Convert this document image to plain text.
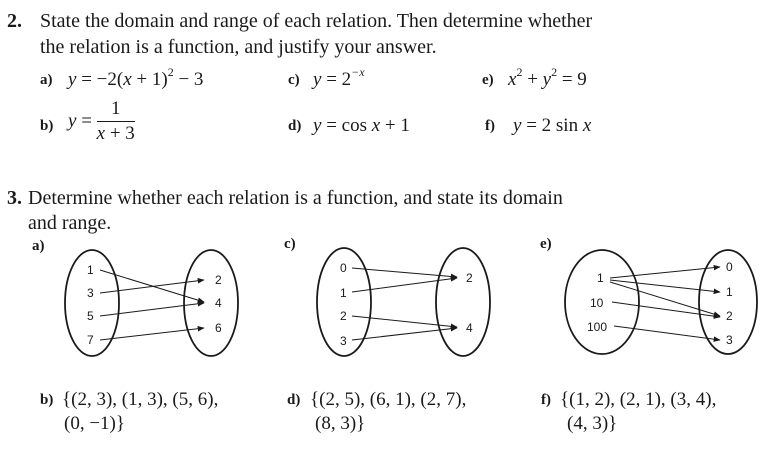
2. State the domain and range of each relation. Then determine whether
the relation is a function, and justify your answer.
a) $y = -2(x + 1)^2 - 3$	c) $y = 2^{-x}$
e) $x^2 + y^2 = 9$
b) $y = \frac{1}{x + 3}$	d) y = cos x + 1	f) y = 2 sin x
3. Determine whether each relation is a function, and state its domain
and range.
a)
1
3
5
7
2
4
6
c)
0
1
2
3
2
4
e)
1
10
100
0
1
2
3
b) {(2, 3), (1, 3), (5, 6),
(0, −1)}
d) {(2, 5), (6, 1), (2, 7),
(8, 3)}
f) {(1, 2), (2, 1), (3, 4),
(4, 3)}
